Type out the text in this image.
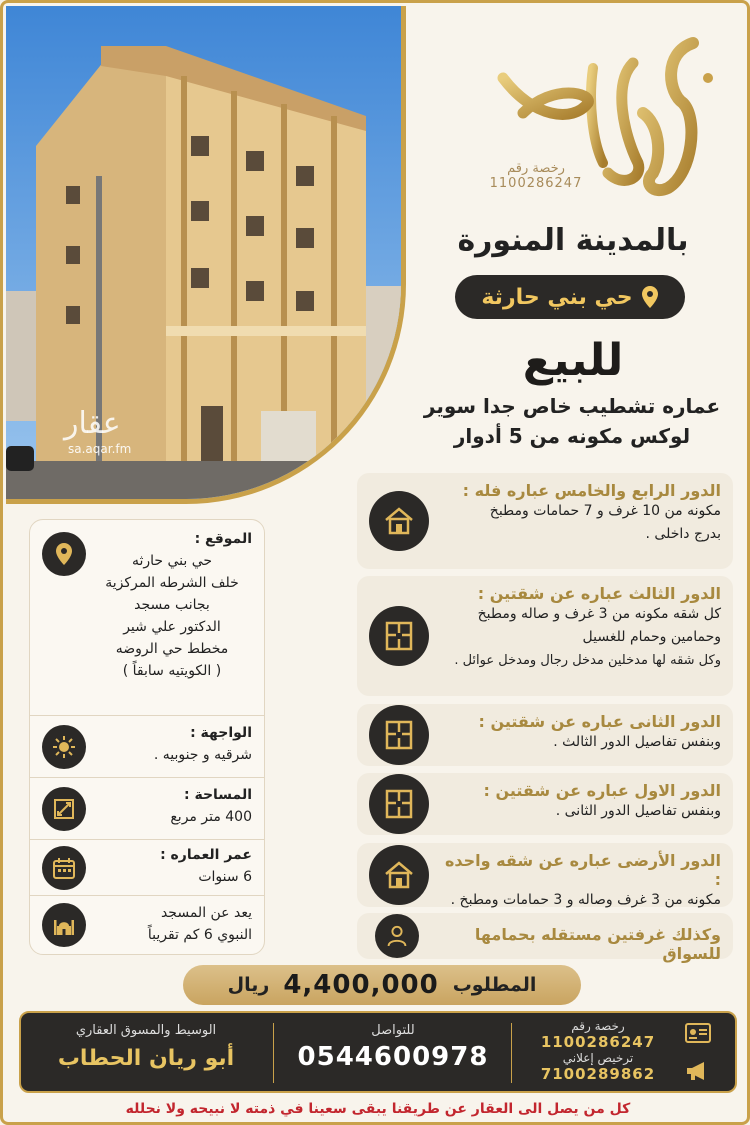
عقار
sa.aqar.fm
رخصة رقم
1100286247
بالمدينة المنورة
حي بني حارثة
للبيع
عماره تشطيب خاص جدا سوير
لوكس مكونه من 5 أدوار
الدور الرابع والخامس عباره فله :
مكونه من 10 غرف و 7 حمامات ومطبخ
بدرج داخلى .
الدور الثالث عباره عن شقتين :
كل شقه مكونه من 3 غرف و صاله ومطبخ
وحمامين وحمام للغسيل
وكل شقه لها مدخلين مدخل رجال ومدخل عوائل .
الدور الثانى عباره عن شقتين :
وبنفس تفاصيل الدور الثالث .
الدور الاول عباره عن شقتين :
وبنفس تفاصيل الدور الثانى .
الدور الأرضى عباره عن شقه واحده :
مكونه من 3 غرف وصاله و 3 حمامات ومطبخ .
وكذلك غرفتين مستقله بحمامها للسواق
الموقع :
حي بني حارثه
خلف الشرطه المركزية
بجانب مسجد
الدكتور علي شير
مخطط حي الروضه
( الكويتيه سابقاً )
الواجهة :
شرقيه و جنوبيه .
المساحة :
400 متر مربع
عمر العماره :
6 سنوات
يعد عن المسجد
النبوي 6 كم تقريباً
المطلوب
4,400,000
ريال
الوسيط والمسوق العقاري
أبو ريان الحطاب
للتواصل
0544600978
رخصة رقم
1100286247
ترخيص إعلاني
7100289862
كل من يصل الى العقار عن طريقنا يبقى سعينا في ذمته لا نبيحه ولا نحلله
